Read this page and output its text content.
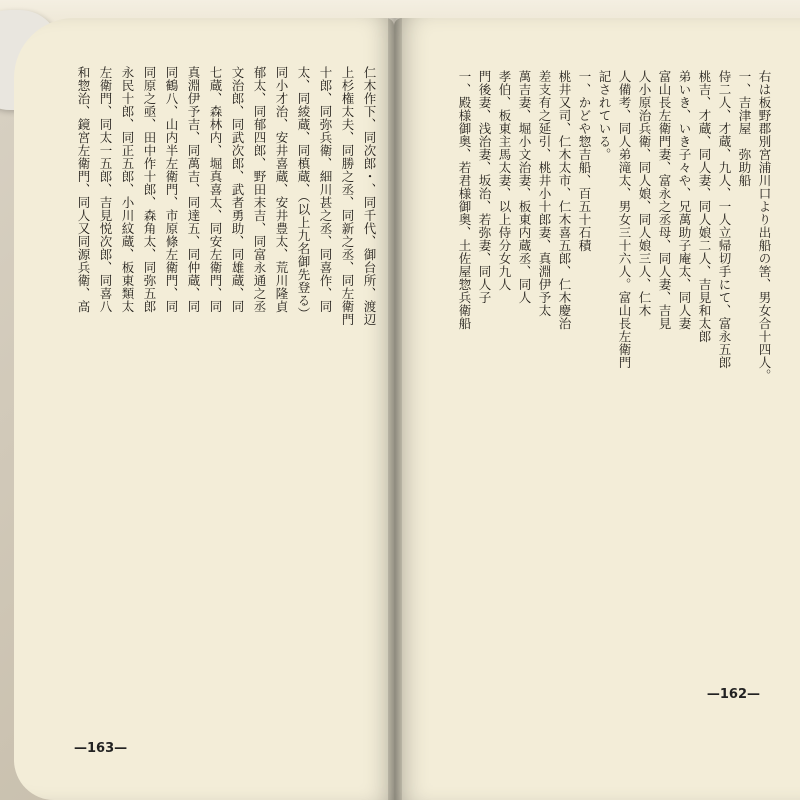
仁木作下、同次郎・、同千代、御台所、渡辺
上杉権太夫、同勝之丞、同新之丞、同左衛門
十郎、同弥兵衛、細川甚之丞、同喜作、同
太、同綾蔵、同槙蔵、（以上九名御先登る）
同小才治、安井喜蔵、安井豊太、荒川隆貞
郁太、同郁四郎、野田末吉、同富永通之丞
文治郎、同武次郎、武者勇助、同雄蔵、同
七蔵、森林内、堀真喜太、同安左衛門、同
真淵伊予吉、同萬吉、同達五、同仲蔵、同
同鶴八、山内半左衛門、市原條左衛門、同
同原之亟、田中作十郎、森角太、同弥五郎
永民十郎、同正五郎、小川紋蔵、板東類太
左衛門、同太一五郎、吉見悦次郎、同喜八
和惣治、鏡宮左衛門、同人又同源兵衛、高
—163—
右は板野郡別宮浦川口より出船の筈、男女合十四人。
一、吉津屋　弥助船
侍二人、才蔵、九人、一人立帰切手にて、富永五郎
桃吉、才蔵、同人妻、同人娘二人、吉見和太郎
弟いき、いき子々や、兄萬助子庵太、同人妻
富山長左衛門妻、富永之丞母、同人妻、吉見
人小原治兵衛、同人娘、同人娘三人、仁木
人備考、同人弟滝太、男女三十六人。富山長左衛門
記されている。
一、かどや惣吉船、百五十石積
桃井又司、仁木太市、仁木喜五郎、仁木慶治
差支有之延引、桃井小十郎妻、真淵伊予太
萬吉妻、堀小文治妻、板東内蔵丞、同人
孝伯、板東主馬太妻、以上侍分女九人
門後妻、浅治妻、坂治、若弥妻、同人子
一、殿様御奥、若君様御奥、土佐屋惣兵衛船
—162—
